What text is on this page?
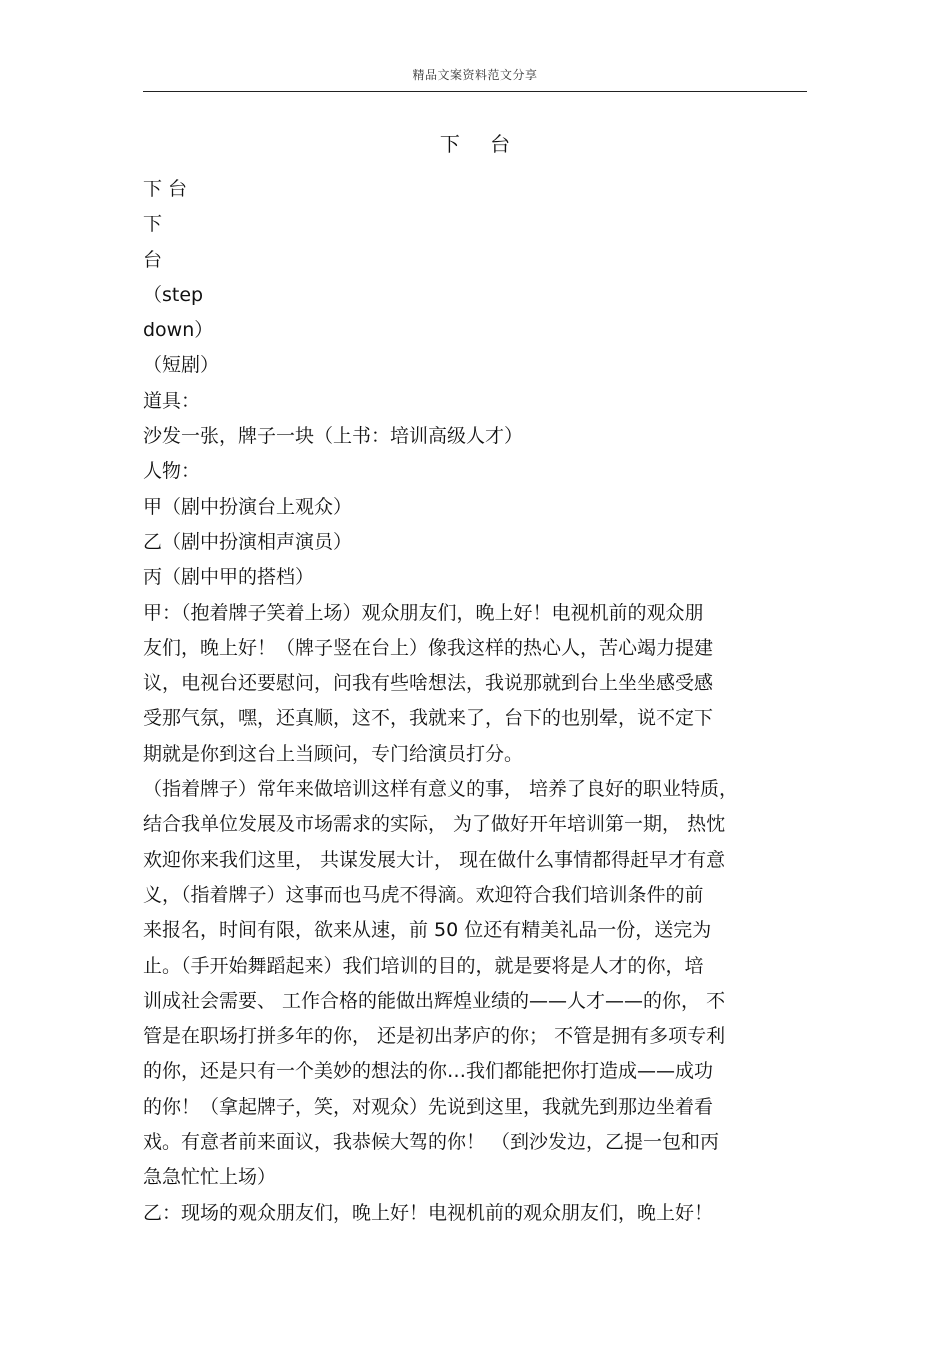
精品文案资料范文分享
下 台
下 台
下
台
（step
down）
（短剧）
道具：
沙发一张，牌子一块（上书：培训高级人才）
人物：
甲（剧中扮演台上观众）
乙（剧中扮演相声演员）
丙（剧中甲的搭档）
甲：（抱着牌子笑着上场）观众朋友们，晚上好！电视机前的观众朋
友们，晚上好！（牌子竖在台上）像我这样的热心人，苦心竭力提建
议，电视台还要慰问，问我有些啥想法，我说那就到台上坐坐感受感
受那气氛，嘿，还真顺，这不，我就来了，台下的也别晕，说不定下
期就是你到这台上当顾问，专门给演员打分。
（指着牌子）常年来做培训这样有意义的事， 培养了良好的职业特质，
结合我单位发展及市场需求的实际， 为了做好开年培训第一期， 热忱
欢迎你来我们这里， 共谋发展大计， 现在做什么事情都得赶早才有意
义，（指着牌子）这事而也马虎不得滴。欢迎符合我们培训条件的前
来报名，时间有限，欲来从速，前 50 位还有精美礼品一份，送完为
止。（手开始舞蹈起来）我们培训的目的，就是要将是人才的你，培
训成社会需要、 工作合格的能做出辉煌业绩的——人才——的你， 不
管是在职场打拼多年的你， 还是初出茅庐的你； 不管是拥有多项专利
的你，还是只有一个美妙的想法的你…我们都能把你打造成——成功
的你！（拿起牌子，笑，对观众）先说到这里，我就先到那边坐着看
戏。有意者前来面议，我恭候大驾的你！ （到沙发边，乙提一包和丙
急急忙忙上场）
乙：现场的观众朋友们，晚上好！电视机前的观众朋友们，晚上好！
